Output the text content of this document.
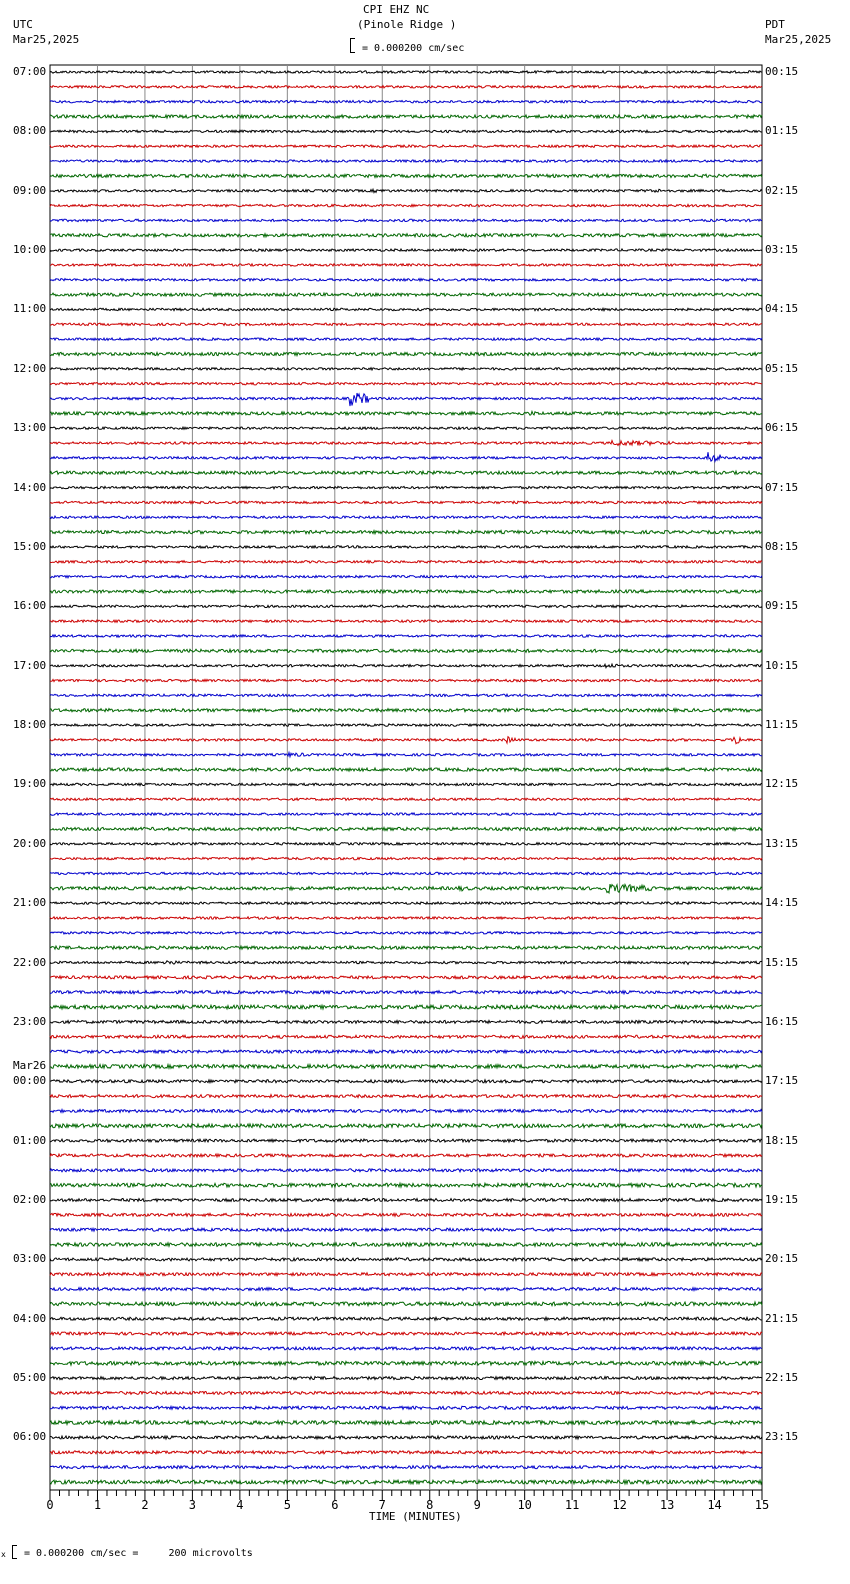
CPI EHZ NC
(Pinole Ridge )
UTC
Mar25,2025
PDT
Mar25,2025
= 0.000200 cm/sec
TIME (MINUTES)
x = 0.000200 cm/sec =     200 microvolts
0	1	2	3	4	5	6	7	8	9	10	11	12	13	14	15
07:00
08:00
09:00
10:00
11:00
12:00
13:00
14:00
15:00
16:00
17:00
18:00
19:00
20:00
21:00
22:00
23:00
00:00
01:00
02:00
03:00
04:00
05:00
06:00
Mar26
00:15
01:15
02:15
03:15
04:15
05:15
06:15
07:15
08:15
09:15
10:15
11:15
12:15
13:15
14:15
15:15
16:15
17:15
18:15
19:15
20:15
21:15
22:15
23:15
